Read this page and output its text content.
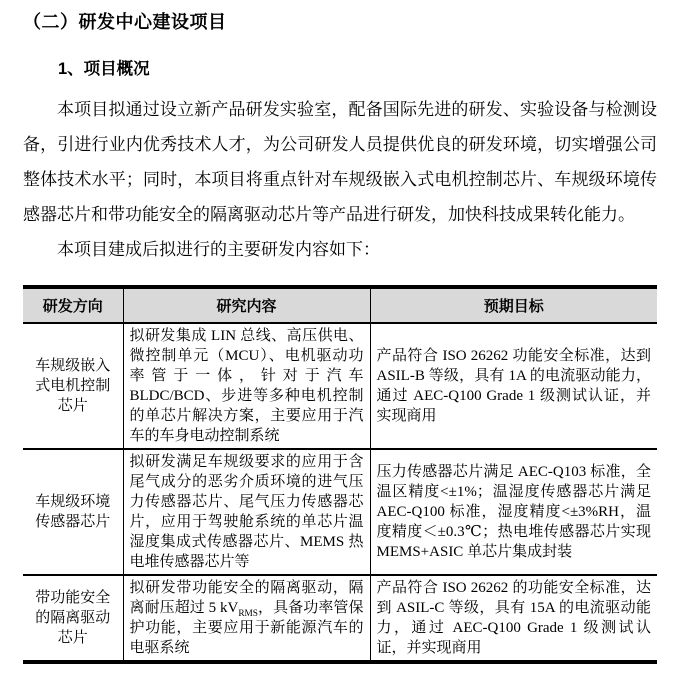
（二）研发中心建设项目
1、项目概况

本项目拟通过设立新产品研发实验室，配备国际先进的研发、实验设备与检测设备，引进行业内优秀技术人才，为公司研发人员提供优良的研发环境，切实增强公司整体技术水平；同时，本项目将重点针对车规级嵌入式电机控制芯片、车规级环境传感器芯片和带功能安全的隔离驱动芯片等产品进行研发，加快科技成果转化能力。

本项目建成后拟进行的主要研发内容如下：

研发方向	研究内容	预期目标
车规级嵌入式电机控制芯片	拟研发集成 LIN 总线、高压供电、微控制单元（MCU）、电机驱动功率管于一体，针对于汽车 BLDC/BCD、步进等多种电机控制的单芯片解决方案，主要应用于汽车的车身电动控制系统	产品符合 ISO 26262 功能安全标准，达到 ASIL-B 等级，具有 1A 的电流驱动能力，通过 AEC-Q100 Grade 1 级测试认证，并实现商用
车规级环境传感器芯片	拟研发满足车规级要求的应用于含尾气成分的恶劣介质环境的进气压力传感器芯片、尾气压力传感器芯片，应用于驾驶舱系统的单芯片温湿度集成式传感器芯片、MEMS 热电堆传感器芯片等	压力传感器芯片满足 AEC-Q103 标准，全温区精度<±1%；温湿度传感器芯片满足 AEC-Q100 标准，湿度精度<±3%RH，温度精度＜±0.3℃；热电堆传感器芯片实现 MEMS+ASIC 单芯片集成封装
带功能安全的隔离驱动芯片	拟研发带功能安全的隔离驱动，隔离耐压超过 5 $kV_{RMS}$，具备功率管保护功能，主要应用于新能源汽车的电驱系统	产品符合 ISO 26262 的功能安全标准，达到 ASIL-C 等级，具有 15A 的电流驱动能力，通过 AEC-Q100 Grade 1 级测试认证，并实现商用
